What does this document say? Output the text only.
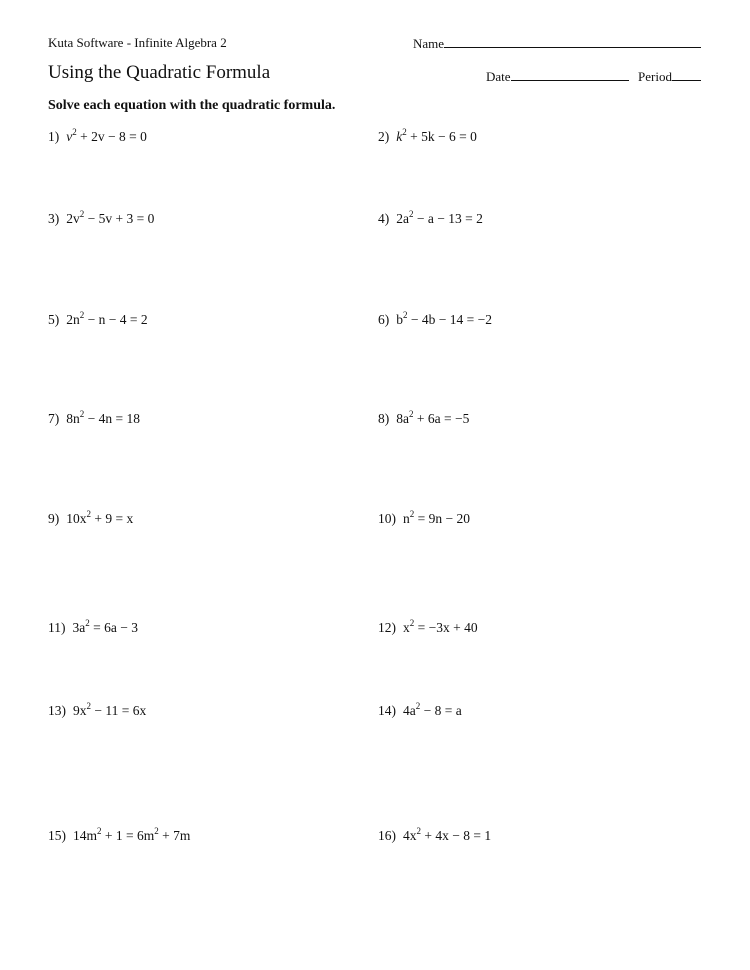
Kuta Software - Infinite Algebra 2	Name
Using the Quadratic Formula	Date	Period
Solve each equation with the quadratic formula.
1) $v^2 + 2v - 8 = 0$	2) $k^2 + 5k - 6 = 0$
3) $2v^2 - 5v + 3 = 0$	4) $2a^2 - a - 13 = 2$
5) $2n^2 - n - 4 = 2$	6) $b^2 - 4b - 14 = -2$
7) $8n^2 - 4n = 18$	8) $8a^2 + 6a = -5$
9) $10x^2 + 9 = x$	10) $n^2 = 9n - 20$
11) $3a^2 = 6a - 3$	12) $x^2 = -3x + 40$
13) $9x^2 - 11 = 6x$	14) $4a^2 - 8 = a$
15) $14m^2 + 1 = 6m^2 + 7m$	16) $4x^2 + 4x - 8 = 1$
